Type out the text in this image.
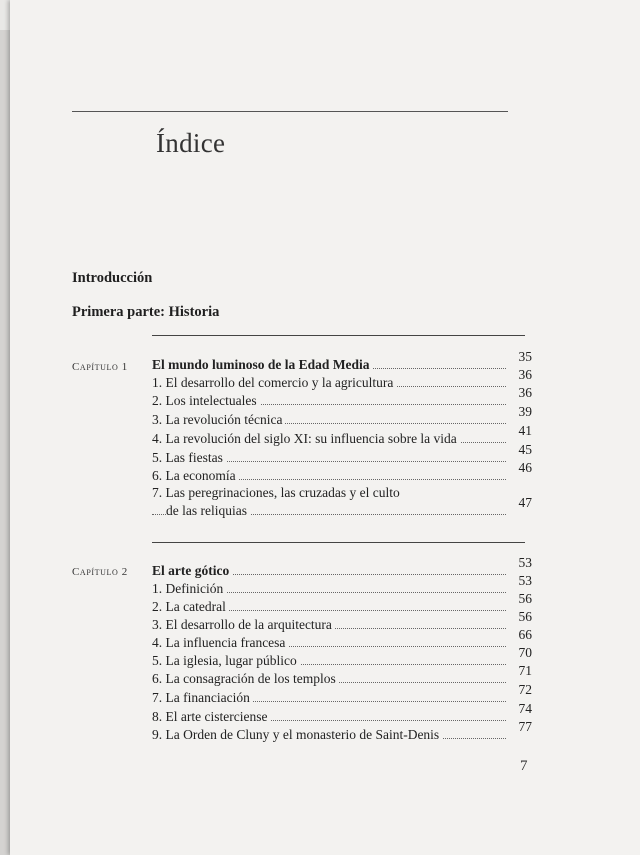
Índice
Introducción
Primera parte: Historia
Capítulo 1 El mundo luminoso de la Edad Media
35
1. El desarrollo del comercio y la agricultura
36
2. Los intelectuales
36
3. La revolución técnica
39
4. La revolución del siglo XI: su influencia sobre la vida
41
5. Las fiestas
45
6. La economía
46
7. Las peregrinaciones, las cruzadas y el culto
de las reliquias
47
Capítulo 2 El arte gótico
53
1. Definición
53
2. La catedral
56
3. El desarrollo de la arquitectura
56
4. La influencia francesa
66
5. La iglesia, lugar público
70
6. La consagración de los templos
71
7. La financiación
72
8. El arte cisterciense
74
9. La Orden de Cluny y el monasterio de Saint-Denis
77
7
